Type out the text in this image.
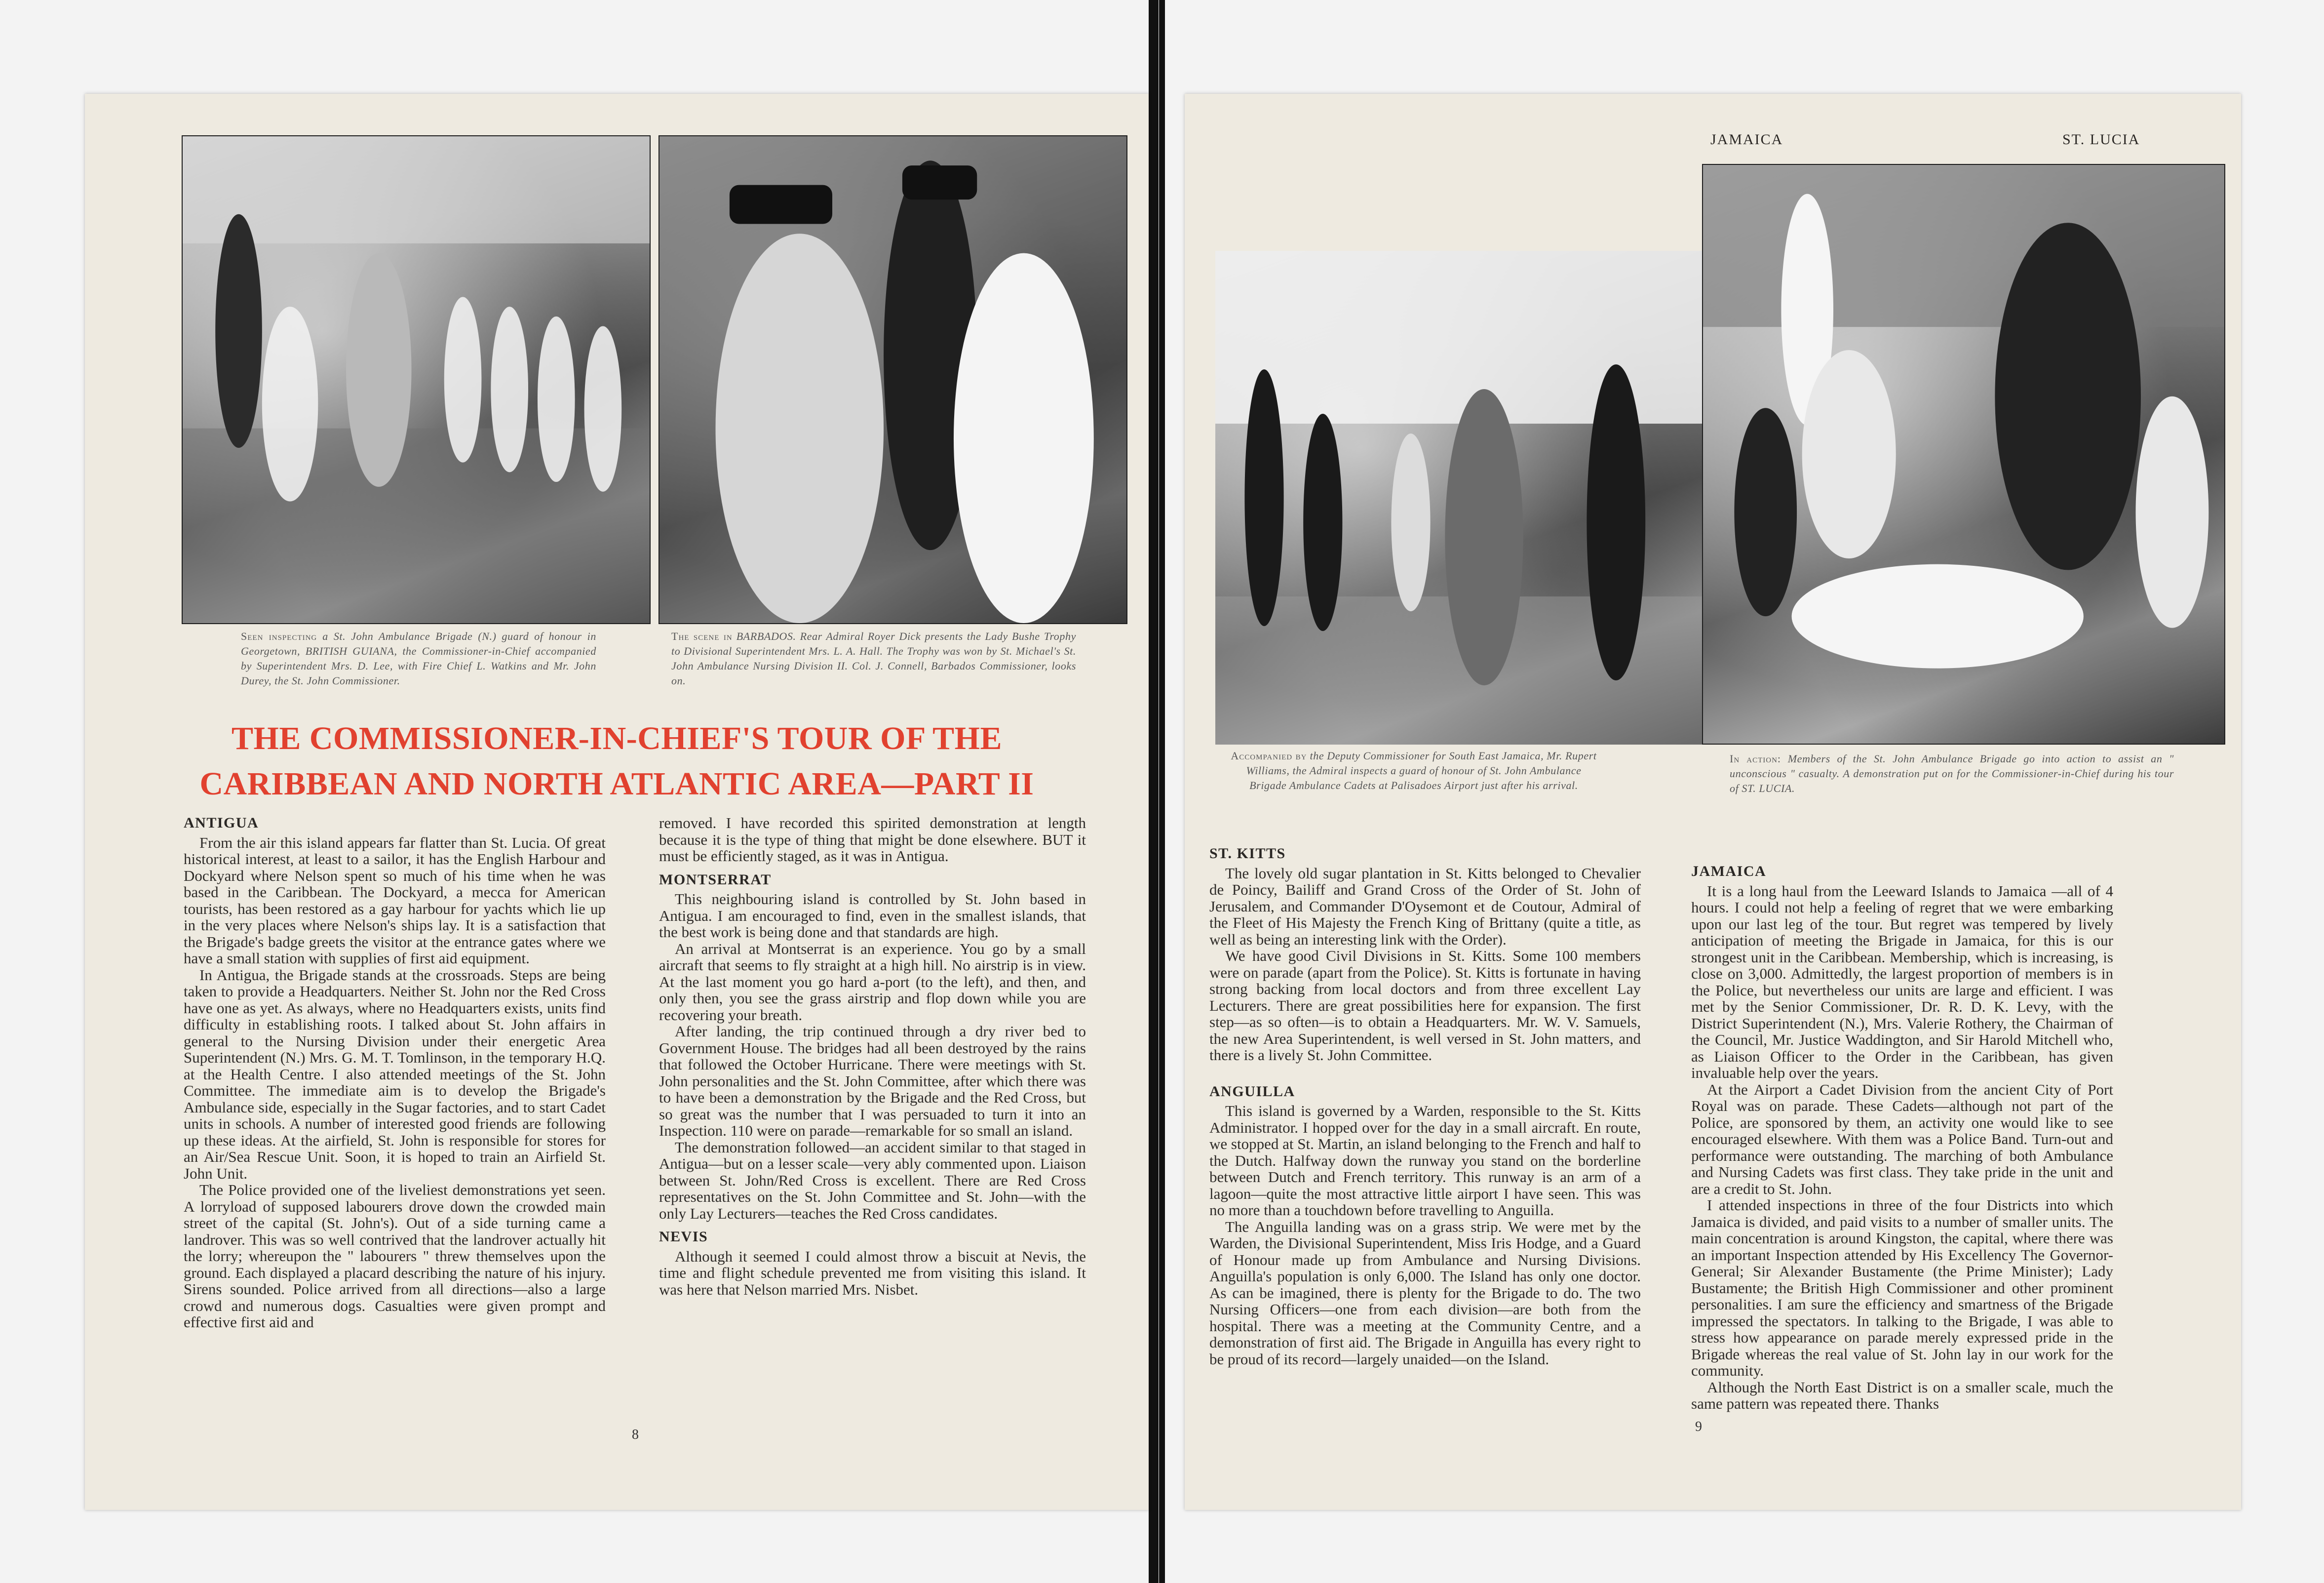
Seen inspecting a St. John Ambulance Brigade (N.) guard of honour in Georgetown, BRITISH GUIANA, the Commissioner-in-Chief accompanied by Superintendent Mrs. D. Lee, with Fire Chief L. Watkins and Mr. John Durey, the St. John Commissioner.
The scene in BARBADOS. Rear Admiral Royer Dick presents the Lady Bushe Trophy to Divisional Superintendent Mrs. L. A. Hall. The Trophy was won by St. Michael's St. John Ambulance Nursing Division II. Col. J. Connell, Barbados Commissioner, looks on.
THE COMMISSIONER-IN-CHIEF'S TOUR OF THE
CARIBBEAN AND NORTH ATLANTIC AREA—PART II
ANTIGUA

From the air this island appears far flatter than St. Lucia. Of great historical interest, at least to a sailor, it has the English Harbour and Dockyard where Nelson spent so much of his time when he was based in the Caribbean. The Dockyard, a mecca for American tourists, has been restored as a gay harbour for yachts which lie up in the very places where Nelson's ships lay. It is a satisfaction that the Brigade's badge greets the visitor at the entrance gates where we have a small station with supplies of first aid equipment.

In Antigua, the Brigade stands at the crossroads. Steps are being taken to provide a Headquarters. Neither St. John nor the Red Cross have one as yet. As always, where no Headquarters exists, units find difficulty in establishing roots. I talked about St. John affairs in general to the Nursing Division under their energetic Area Superintendent (N.) Mrs. G. M. T. Tomlinson, in the temporary H.Q. at the Health Centre. I also attended meetings of the St. John Committee. The immediate aim is to develop the Brigade's Ambulance side, especially in the Sugar factories, and to start Cadet units in schools. A number of interested good friends are following up these ideas. At the airfield, St. John is responsible for stores for an Air/Sea Rescue Unit. Soon, it is hoped to train an Airfield St. John Unit.

The Police provided one of the liveliest demonstrations yet seen. A lorryload of supposed labourers drove down the crowded main street of the capital (St. John's). Out of a side turning came a landrover. This was so well contrived that the landrover actually hit the lorry; whereupon the " labourers " threw themselves upon the ground. Each displayed a placard describing the nature of his injury. Sirens sounded. Police arrived from all directions—also a large crowd and numerous dogs. Casualties were given prompt and effective first aid and

removed. I have recorded this spirited demonstration at length because it is the type of thing that might be done elsewhere. BUT it must be efficiently staged, as it was in Antigua.

MONTSERRAT

This neighbouring island is controlled by St. John based in Antigua. I am encouraged to find, even in the smallest islands, that the best work is being done and that standards are high.

An arrival at Montserrat is an experience. You go by a small aircraft that seems to fly straight at a high hill. No airstrip is in view. At the last moment you go hard a-port (to the left), and then, and only then, you see the grass airstrip and flop down while you are recovering your breath.

After landing, the trip continued through a dry river bed to Government House. The bridges had all been destroyed by the rains that followed the October Hurricane. There were meetings with St. John personalities and the St. John Committee, after which there was to have been a demonstration by the Brigade and the Red Cross, but so great was the number that I was persuaded to turn it into an Inspection. 110 were on parade—remarkable for so small an island.

The demonstration followed—an accident similar to that staged in Antigua—but on a lesser scale—very ably commented upon. Liaison between St. John/Red Cross is excellent. There are Red Cross representatives on the St. John Committee and St. John—with the only Lay Lecturers—teaches the Red Cross candidates.

NEVIS

Although it seemed I could almost throw a biscuit at Nevis, the time and flight schedule prevented me from visiting this island. It was here that Nelson married Mrs. Nisbet.

8
JAMAICA	ST. LUCIA
Accompanied by the Deputy Commissioner for South East Jamaica, Mr. Rupert Williams, the Admiral inspects a guard of honour of St. John Ambulance Brigade Ambulance Cadets at Palisadoes Airport just after his arrival.
In action: Members of the St. John Ambulance Brigade go into action to assist an " unconscious " casualty. A demonstration put on for the Commissioner-in-Chief during his tour of ST. LUCIA.
ST. KITTS

The lovely old sugar plantation in St. Kitts belonged to Chevalier de Poincy, Bailiff and Grand Cross of the Order of St. John of Jerusalem, and Commander D'Oysemont et de Coutour, Admiral of the Fleet of His Majesty the French King of Brittany (quite a title, as well as being an interesting link with the Order).

We have good Civil Divisions in St. Kitts. Some 100 members were on parade (apart from the Police). St. Kitts is fortunate in having strong backing from local doctors and from three excellent Lay Lecturers. There are great possibilities here for expansion. The first step—as so often—is to obtain a Headquarters. Mr. W. V. Samuels, the new Area Superintendent, is well versed in St. John matters, and there is a lively St. John Committee.

ANGUILLA

This island is governed by a Warden, responsible to the St. Kitts Administrator. I hopped over for the day in a small aircraft. En route, we stopped at St. Martin, an island belonging to the French and half to the Dutch. Halfway down the runway you stand on the borderline between Dutch and French territory. This runway is an arm of a lagoon—quite the most attractive little airport I have seen. This was no more than a touchdown before travelling to Anguilla.

The Anguilla landing was on a grass strip. We were met by the Warden, the Divisional Superintendent, Miss Iris Hodge, and a Guard of Honour made up from Ambulance and Nursing Divisions. Anguilla's population is only 6,000. The Island has only one doctor. As can be imagined, there is plenty for the Brigade to do. The two Nursing Officers—one from each division—are both from the hospital. There was a meeting at the Community Centre, and a demonstration of first aid. The Brigade in Anguilla has every right to be proud of its record—largely unaided—on the Island.

JAMAICA

It is a long haul from the Leeward Islands to Jamaica —all of 4 hours. I could not help a feeling of regret that we were embarking upon our last leg of the tour. But regret was tempered by lively anticipation of meeting the Brigade in Jamaica, for this is our strongest unit in the Caribbean. Membership, which is increasing, is close on 3,000. Admittedly, the largest proportion of members is in the Police, but nevertheless our units are large and efficient. I was met by the Senior Commissioner, Dr. R. D. K. Levy, with the District Superintendent (N.), Mrs. Valerie Rothery, the Chairman of the Council, Mr. Justice Waddington, and Sir Harold Mitchell who, as Liaison Officer to the Order in the Caribbean, has given invaluable help over the years.

At the Airport a Cadet Division from the ancient City of Port Royal was on parade. These Cadets—although not part of the Police, are sponsored by them, an activity one would like to see encouraged elsewhere. With them was a Police Band. Turn-out and performance were outstanding. The marching of both Ambulance and Nursing Cadets was first class. They take pride in the unit and are a credit to St. John.

I attended inspections in three of the four Districts into which Jamaica is divided, and paid visits to a number of smaller units. The main concentration is around Kingston, the capital, where there was an important Inspection attended by His Excellency The Governor-General; Sir Alexander Bustamente (the Prime Minister); Lady Bustamente; the British High Commissioner and other prominent personalities. I am sure the efficiency and smartness of the Brigade impressed the spectators. In talking to the Brigade, I was able to stress how appearance on parade merely expressed pride in the Brigade whereas the real value of St. John lay in our work for the community.

Although the North East District is on a smaller scale, much the same pattern was repeated there. Thanks

9
